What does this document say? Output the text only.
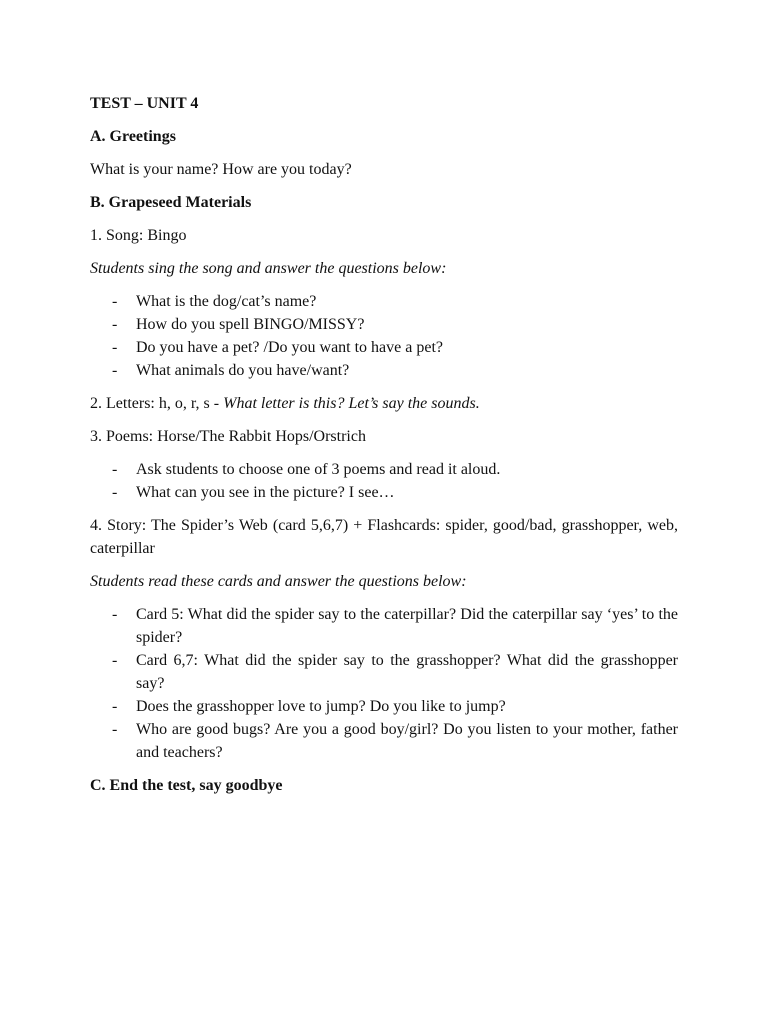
TEST – UNIT 4

A. Greetings

What is your name? How are you today?

B. Grapeseed Materials

1. Song: Bingo

Students sing the song and answer the questions below:

- What is the dog/cat’s name?
- How do you spell BINGO/MISSY?
- Do you have a pet? /Do you want to have a pet?
- What animals do you have/want?

2. Letters: h, o, r, s - What letter is this? Let’s say the sounds.

3. Poems: Horse/The Rabbit Hops/Orstrich

- Ask students to choose one of 3 poems and read it aloud.
- What can you see in the picture? I see…

4. Story: The Spider’s Web (card 5,6,7) + Flashcards: spider, good/bad, grasshopper, web, caterpillar

Students read these cards and answer the questions below:

- Card 5: What did the spider say to the caterpillar? Did the caterpillar say ‘yes’ to the spider?
- Card 6,7: What did the spider say to the grasshopper? What did the grasshopper say?
- Does the grasshopper love to jump? Do you like to jump?
- Who are good bugs? Are you a good boy/girl? Do you listen to your mother, father and teachers?

C. End the test, say goodbye
